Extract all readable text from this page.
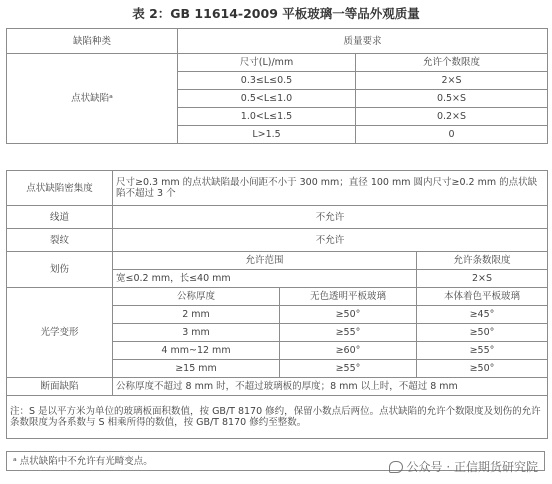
表 2：GB 11614-2009 平板玻璃一等品外观质量
缺陷种类	质量要求	
点状缺陷ᵃ	尺寸(L)/mm	允许个数限度
	0.3≤L≤0.5	2×S
	0.5<L≤1.0	0.5×S
	1.0<L≤1.5	0.2×S
	L>1.5	0
点状缺陷密集度	尺寸≥0.3 mm 的点状缺陷最小间距不小于 300 mm；直径 100 mm 圆内尺寸≥0.2 mm 的点状缺陷不超过 3 个		
线道	不允许		
裂纹	不允许		
划伤	允许范围		允许条数限度
	宽≤0.2 mm，长≤40 mm		2×S
光学变形	公称厚度	无色透明平板玻璃	本体着色平板玻璃
	2 mm	≥50°	≥45°
	3 mm	≥55°	≥50°
	4 mm~12 mm	≥60°	≥55°
	≥15 mm	≥55°	≥50°
断面缺陷	公称厚度不超过 8 mm 时，不超过玻璃板的厚度；8 mm 以上时，不超过 8 mm		
注：S 是以平方米为单位的玻璃板面积数值，按 GB/T 8170 修约，保留小数点后两位。点状缺陷的允许个数限度及划伤的允许条数限度为各系数与 S 相乘所得的数值，按 GB/T 8170 修约至整数。			
ᵃ 点状缺陷中不允许有光畸变点。	公众号 · 正信期货研究院
